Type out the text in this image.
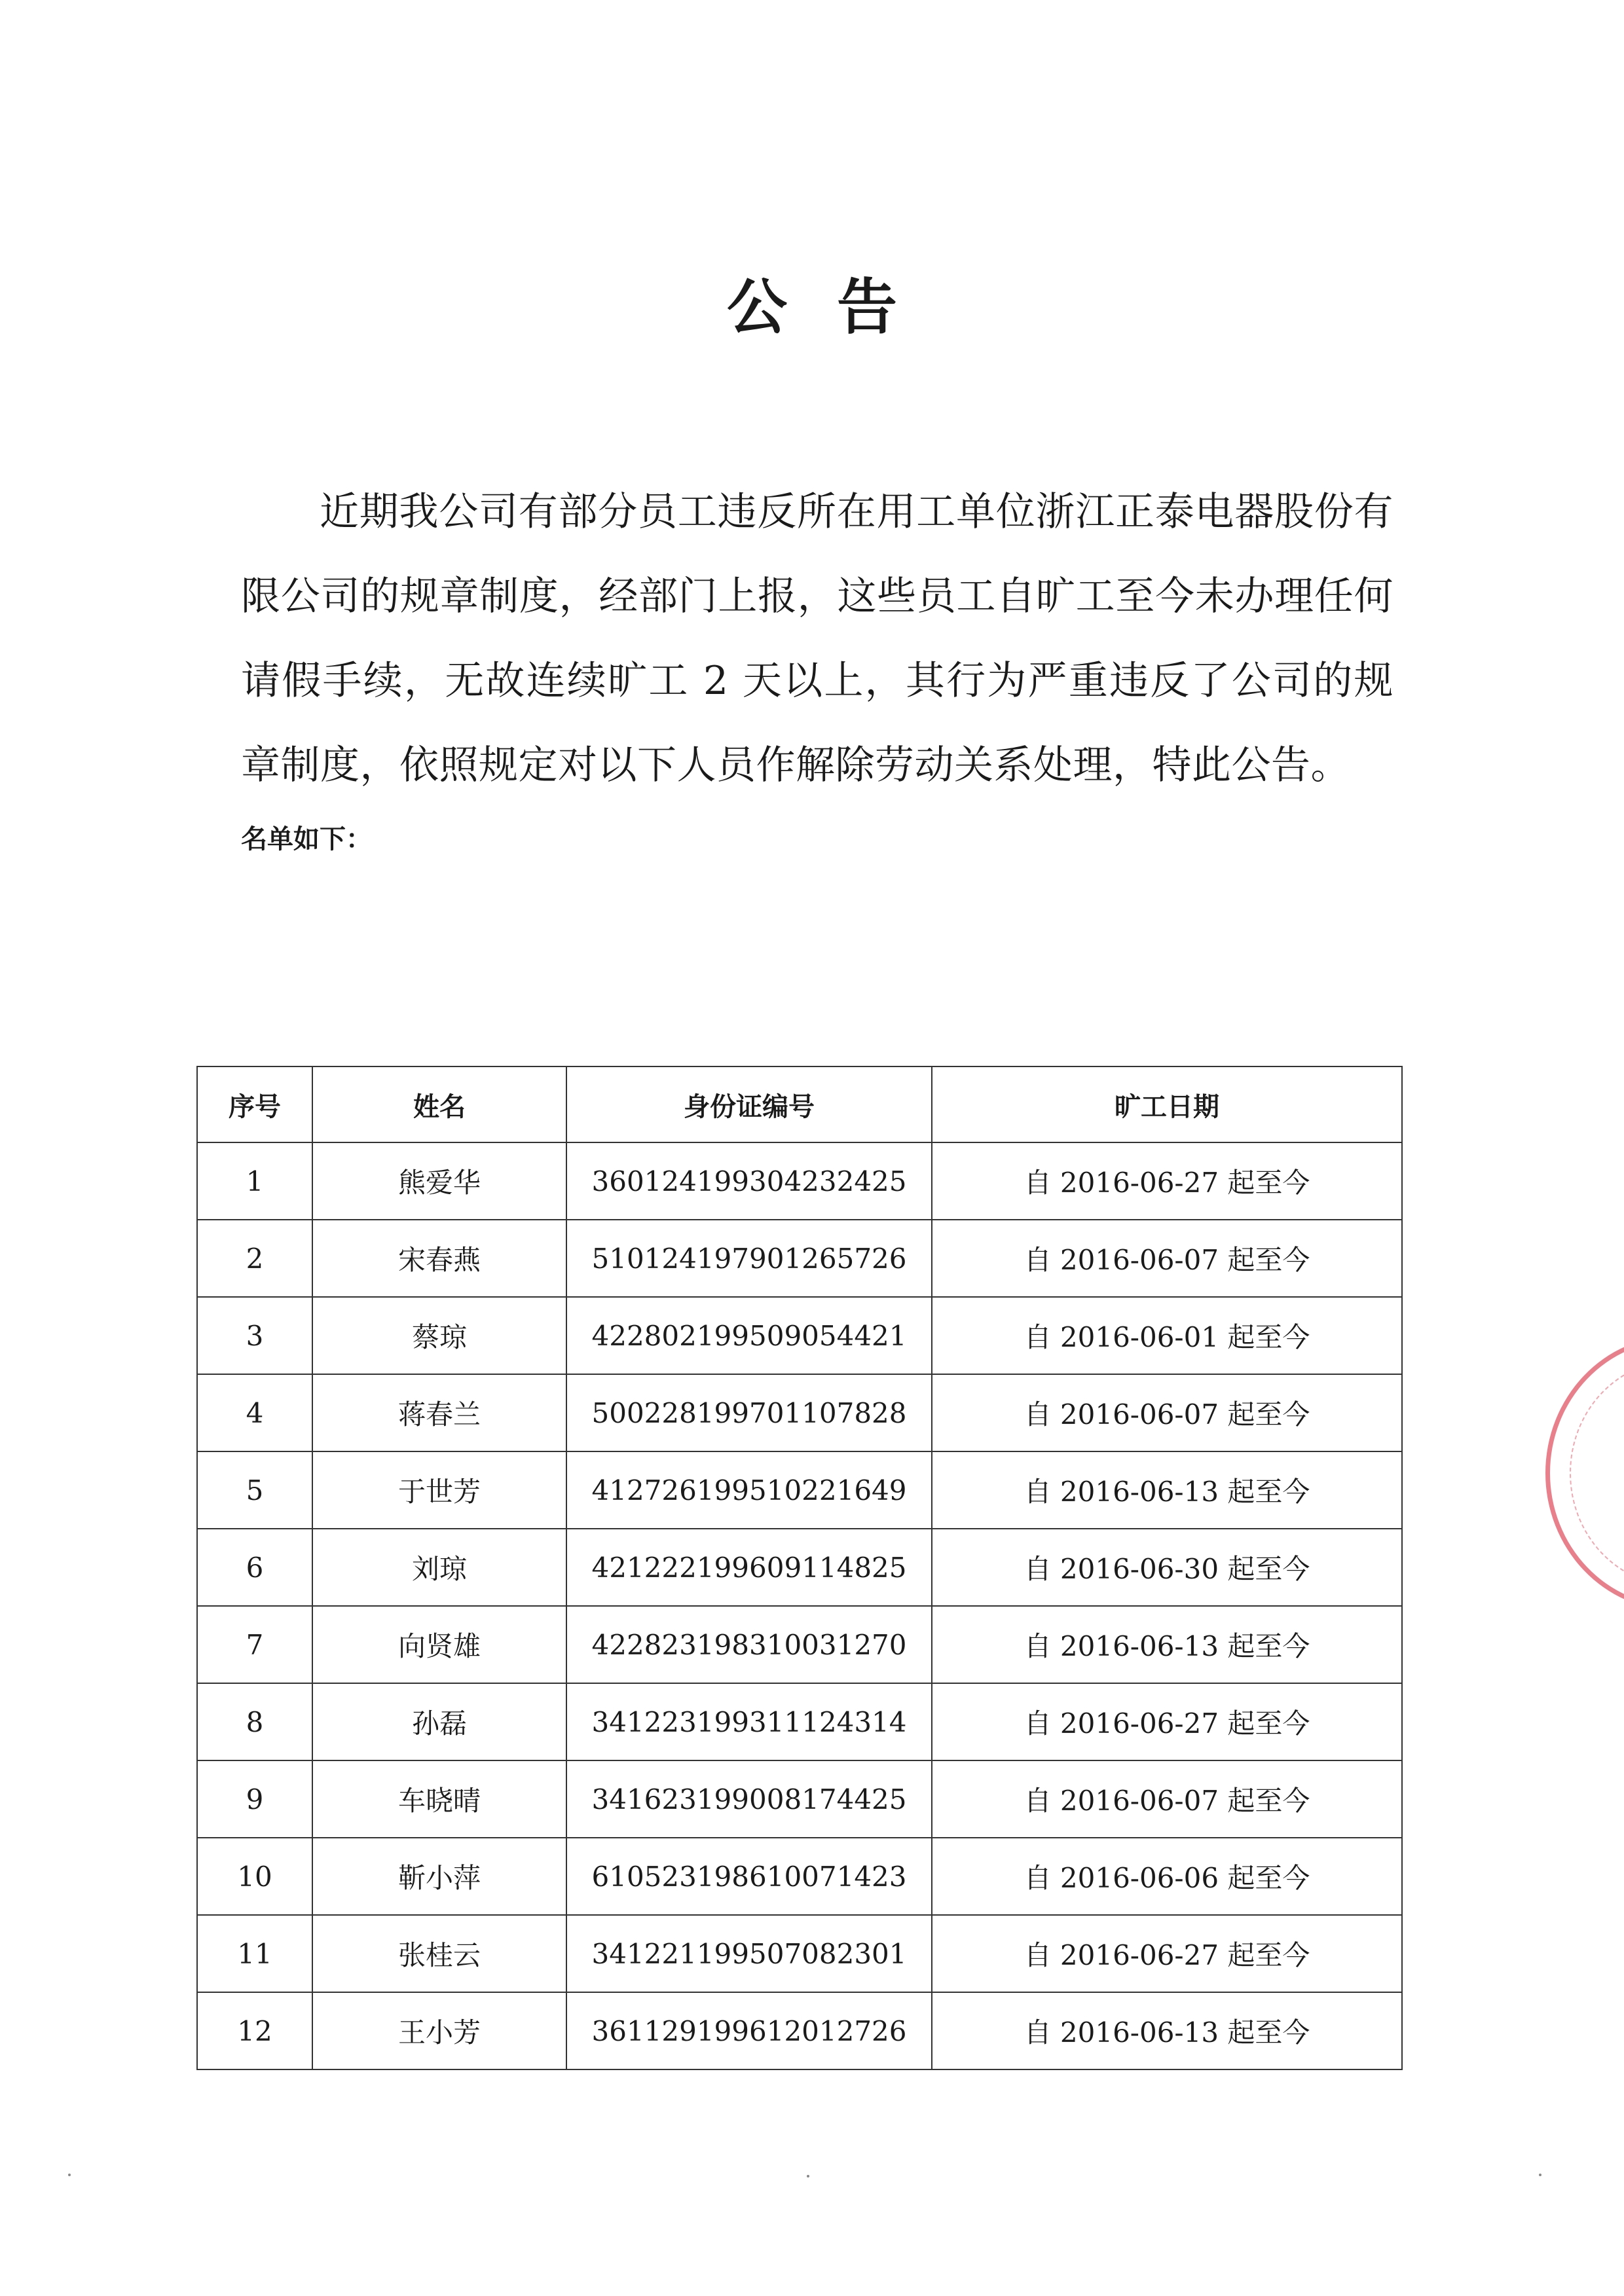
公告
近期我公司有部分员工违反所在用工单位浙江正泰电器股份有限公司的规章制度，经部门上报，这些员工自旷工至今未办理任何请假手续，无故连续旷工 2 天以上，其行为严重违反了公司的规章制度，依照规定对以下人员作解除劳动关系处理，特此公告。
名单如下：
序号	姓名	身份证编号	旷工日期
1	熊爱华	360124199304232425	自 2016-06-27 起至今
2	宋春燕	510124197901265726	自 2016-06-07 起至今
3	蔡琼	422802199509054421	自 2016-06-01 起至今
4	蒋春兰	500228199701107828	自 2016-06-07 起至今
5	于世芳	412726199510221649	自 2016-06-13 起至今
6	刘琼	421222199609114825	自 2016-06-30 起至今
7	向贤雄	422823198310031270	自 2016-06-13 起至今
8	孙磊	341223199311124314	自 2016-06-27 起至今
9	车晓晴	341623199008174425	自 2016-06-07 起至今
10	靳小萍	610523198610071423	自 2016-06-06 起至今
11	张桂云	341221199507082301	自 2016-06-27 起至今
12	王小芳	361129199612012726	自 2016-06-13 起至今
